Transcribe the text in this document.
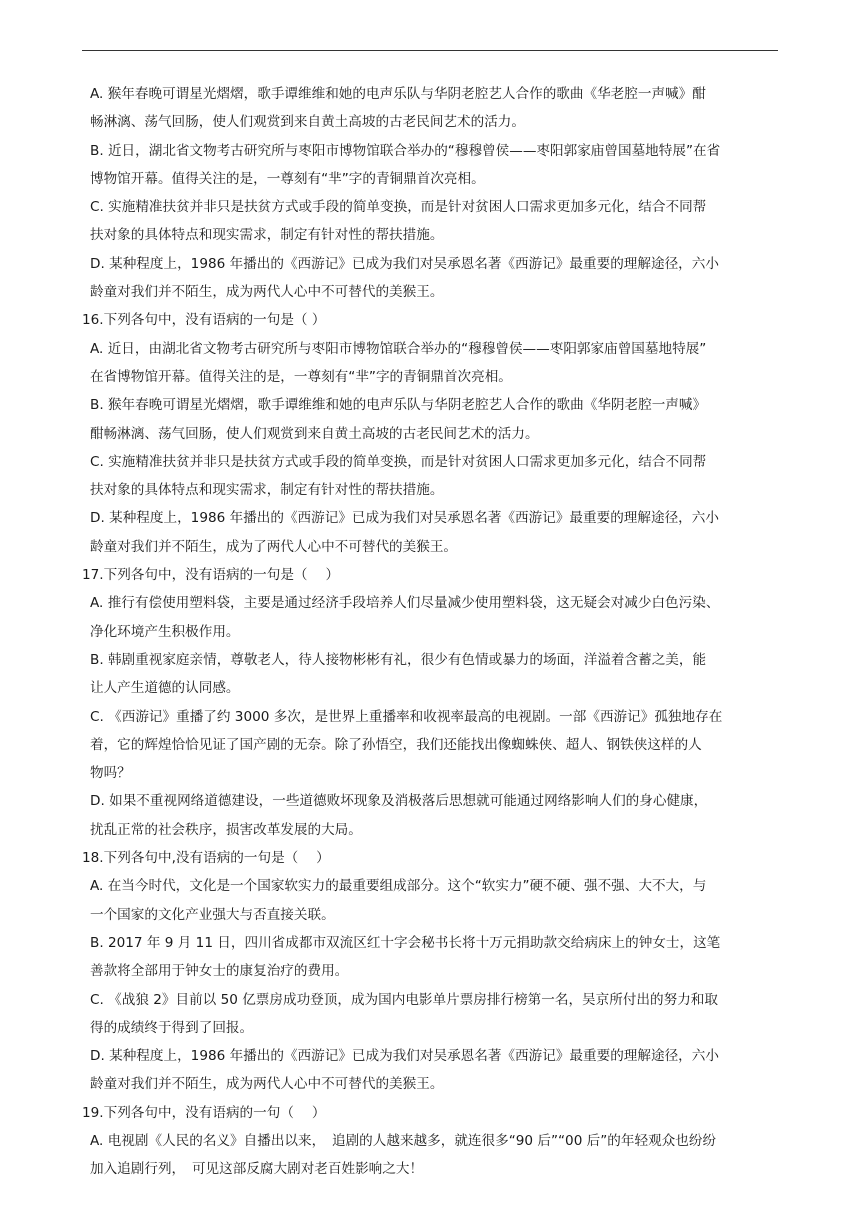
A. 猴年春晚可谓星光熠熠，歌手谭维维和她的电声乐队与华阴老腔艺人合作的歌曲《华老腔一声喊》酣
畅淋漓、荡气回肠，使人们观赏到来自黄土高坡的古老民间艺术的活力。
B. 近日，湖北省文物考古研究所与枣阳市博物馆联合举办的“穆穆曾侯——枣阳郭家庙曾国墓地特展”在省
博物馆开幕。值得关注的是，一尊刻有“芈”字的青铜鼎首次亮相。
C. 实施精准扶贫并非只是扶贫方式或手段的简单变换，而是针对贫困人口需求更加多元化，结合不同帮
扶对象的具体特点和现实需求，制定有针对性的帮扶措施。
D. 某种程度上，1986 年播出的《西游记》已成为我们对吴承恩名著《西游记》最重要的理解途径，六小
龄童对我们并不陌生，成为两代人心中不可替代的美猴王。
16.下列各句中，没有语病的一句是（ ）
A. 近日，由湖北省文物考古研究所与枣阳市博物馆联合举办的“穆穆曾侯——枣阳郭家庙曾国墓地特展”
在省博物馆开幕。值得关注的是，一尊刻有“芈”字的青铜鼎首次亮相。
B. 猴年春晚可谓星光熠熠，歌手谭维维和她的电声乐队与华阴老腔艺人合作的歌曲《华阴老腔一声喊》
酣畅淋漓、荡气回肠，使人们观赏到来自黄土高坡的古老民间艺术的活力。
C. 实施精准扶贫并非只是扶贫方式或手段的简单变换，而是针对贫困人口需求更加多元化，结合不同帮
扶对象的具体特点和现实需求，制定有针对性的帮扶措施。
D. 某种程度上，1986 年播出的《西游记》已成为我们对吴承恩名著《西游记》最重要的理解途径，六小
龄童对我们并不陌生，成为了两代人心中不可替代的美猴王。
17.下列各句中，没有语病的一句是（　 ）
A. 推行有偿使用塑料袋，主要是通过经济手段培养人们尽量减少使用塑料袋，这无疑会对减少白色污染、
净化环境产生积极作用。
B. 韩剧重视家庭亲情，尊敬老人，待人接物彬彬有礼，很少有色情或暴力的场面，洋溢着含蓄之美，能
让人产生道德的认同感。
C. 《西游记》重播了约 3000 多次，是世界上重播率和收视率最高的电视剧。一部《西游记》孤独地存在
着，它的辉煌恰恰见证了国产剧的无奈。除了孙悟空，我们还能找出像蜘蛛侠、超人、钢铁侠这样的人
物吗？
D. 如果不重视网络道德建设，一些道德败坏现象及消极落后思想就可能通过网络影响人们的身心健康，
扰乱正常的社会秩序，损害改革发展的大局。
18.下列各句中,没有语病的一句是（　 ）
A. 在当今时代，文化是一个国家软实力的最重要组成部分。这个“软实力”硬不硬、强不强、大不大，与
一个国家的文化产业强大与否直接关联。
B. 2017 年 9 月 11 日，四川省成都市双流区红十字会秘书长将十万元捐助款交给病床上的钟女士，这笔
善款将全部用于钟女士的康复治疗的费用。
C. 《战狼 2》目前以 50 亿票房成功登顶，成为国内电影单片票房排行榜第一名，吴京所付出的努力和取
得的成绩终于得到了回报。
D. 某种程度上，1986 年播出的《西游记》已成为我们对吴承恩名著《西游记》最重要的理解途径，六小
龄童对我们并不陌生，成为两代人心中不可替代的美猴王。
19.下列各句中，没有语病的一句（　 ）
A. 电视剧《人民的名义》自播出以来，　追剧的人越来越多，就连很多“90 后”“00 后”的年轻观众也纷纷
加入追剧行列，　可见这部反腐大剧对老百姓影响之大！
